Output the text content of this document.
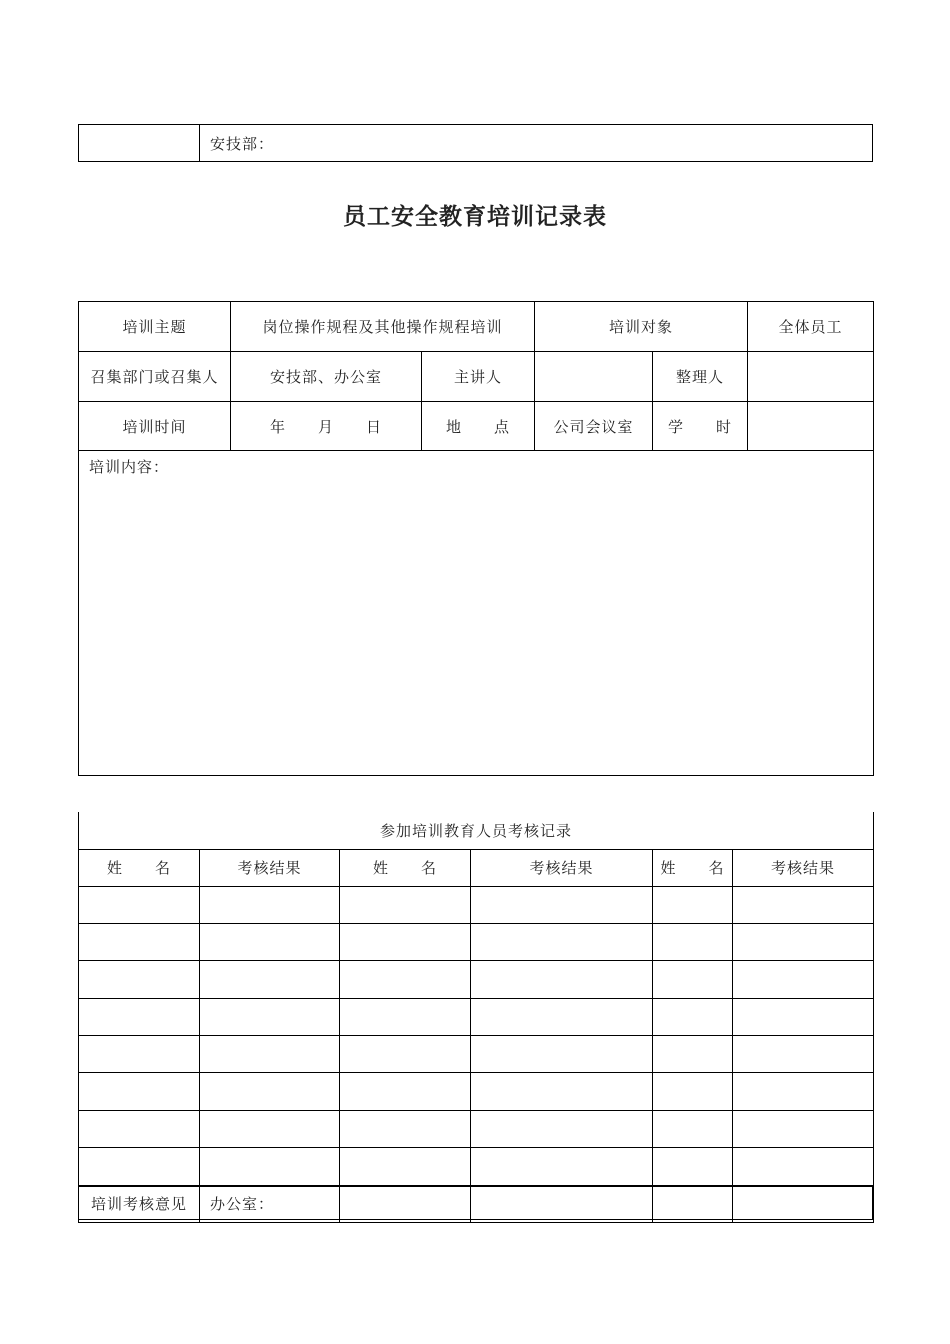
	安技部：
员工安全教育培训记录表
培训主题	岗位操作规程及其他操作规程培训		培训对象		全体员工
召集部门或召集人	安技部、办公室	主讲人		整理人	
培训时间	年　　月　　日	地　　点	公司会议室	学　　时	
培训内容：					
参加培训教育人员考核记录					
姓　　名	考核结果	姓　　名	考核结果	姓　　名	考核结果

培训考核意见	办公室：
